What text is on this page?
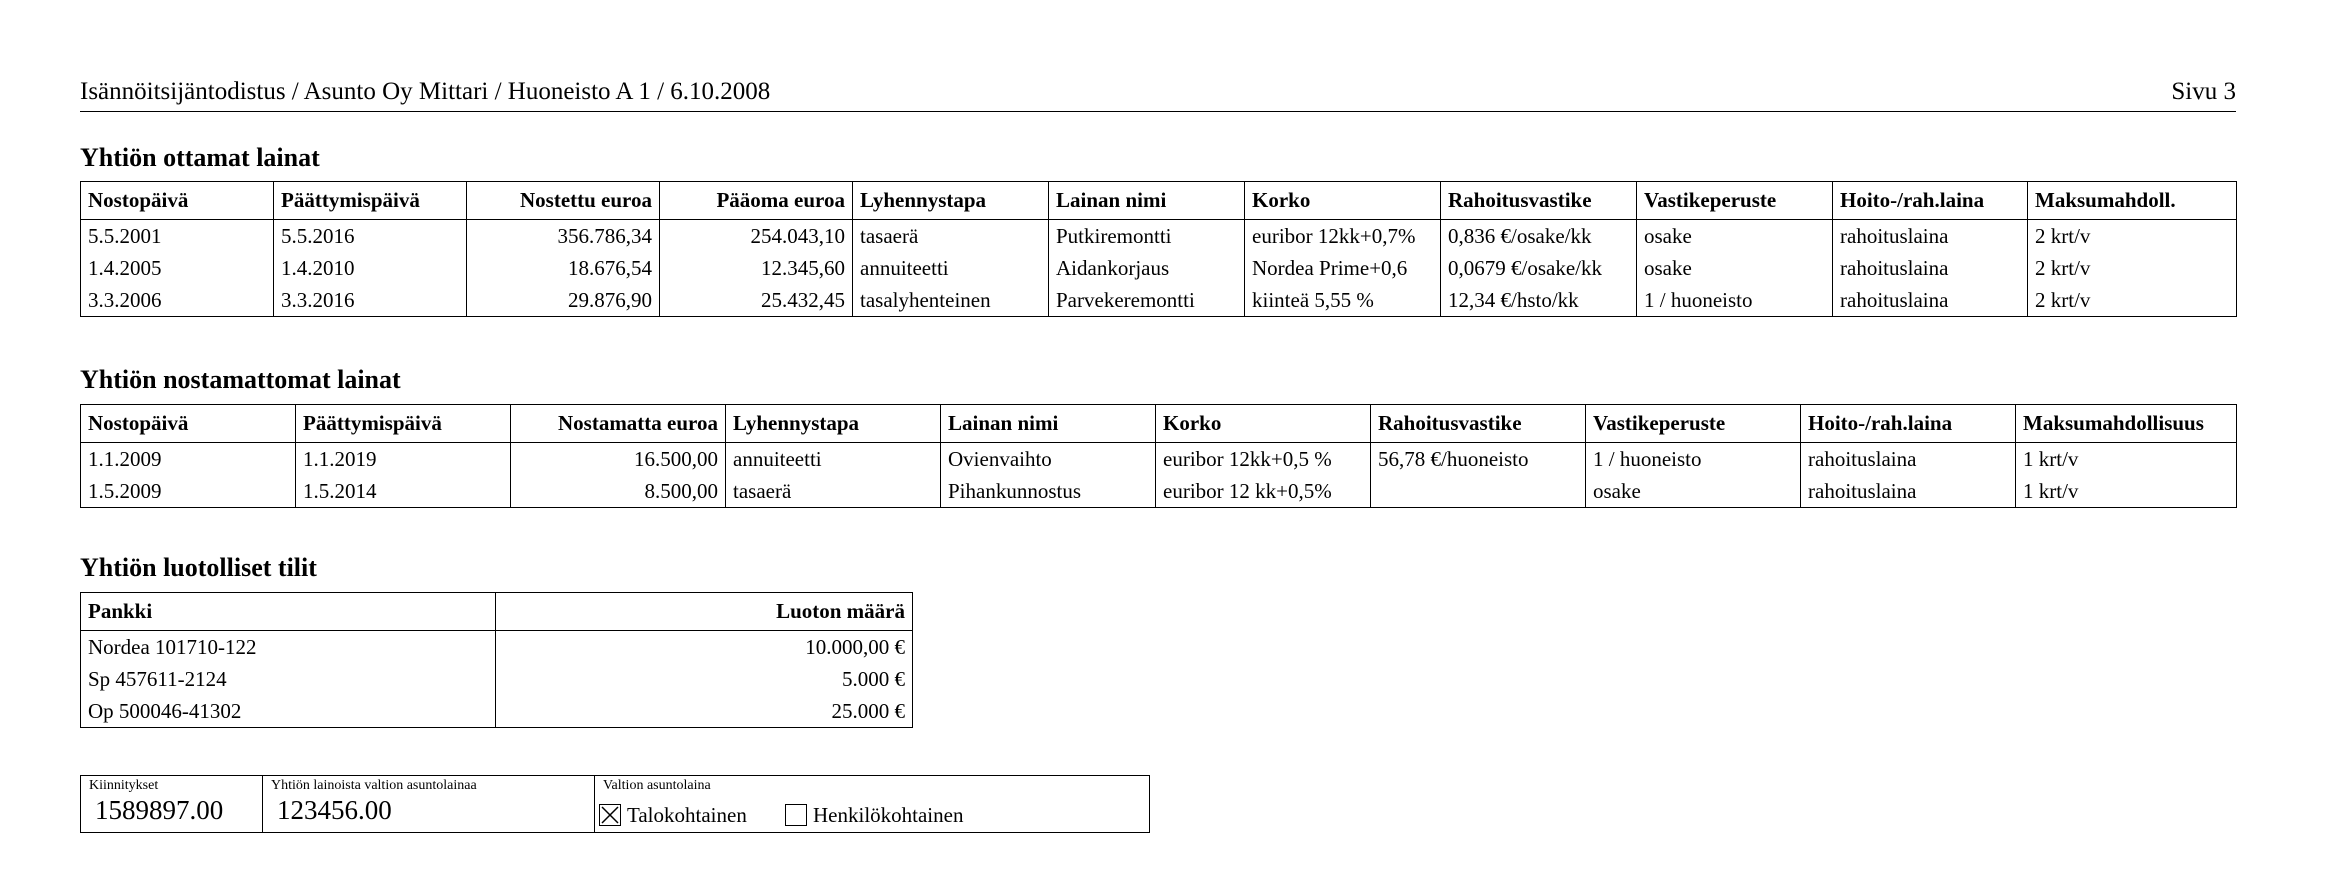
Isännöitsijäntodistus / Asunto Oy Mittari / Huoneisto A 1 / 6.10.2008	Sivu 3
Yhtiön ottamat lainat
Nostopäivä	Päättymispäivä	Nostettu euroa	Pääoma euroa	Lyhennystapa	Lainan nimi	Korko	Rahoitusvastike	Vastikeperuste	Hoito-/rah.laina	Maksumahdoll.
5.5.2001	5.5.2016	356.786,34	254.043,10	tasaerä	Putkiremontti	euribor 12kk+0,7%	0,836 €/osake/kk	osake	rahoituslaina	2 krt/v
1.4.2005	1.4.2010	18.676,54	12.345,60	annuiteetti	Aidankorjaus	Nordea Prime+0,6	0,0679 €/osake/kk	osake	rahoituslaina	2 krt/v
3.3.2006	3.3.2016	29.876,90	25.432,45	tasalyhenteinen	Parvekeremontti	kiinteä 5,55 %	12,34 €/hsto/kk	1 / huoneisto	rahoituslaina	2 krt/v
Yhtiön nostamattomat lainat
Nostopäivä	Päättymispäivä	Nostamatta euroa	Lyhennystapa	Lainan nimi	Korko	Rahoitusvastike	Vastikeperuste	Hoito-/rah.laina	Maksumahdollisuus
1.1.2009	1.1.2019	16.500,00	annuiteetti	Ovienvaihto	euribor 12kk+0,5 %	56,78 €/huoneisto	1 / huoneisto	rahoituslaina	1 krt/v
1.5.2009	1.5.2014	8.500,00	tasaerä	Pihankunnostus	euribor 12 kk+0,5%		osake	rahoituslaina	1 krt/v
Yhtiön luotolliset tilit
Pankki	Luoton määrä
Nordea 101710-122	10.000,00 €
Sp 457611-2124	5.000 €
Op 500046-41302	25.000 €
Kiinnitykset
1589897.00
Yhtiön lainoista valtion asuntolainaa
123456.00
Valtion asuntolaina
Talokohtainen	Henkilökohtainen
